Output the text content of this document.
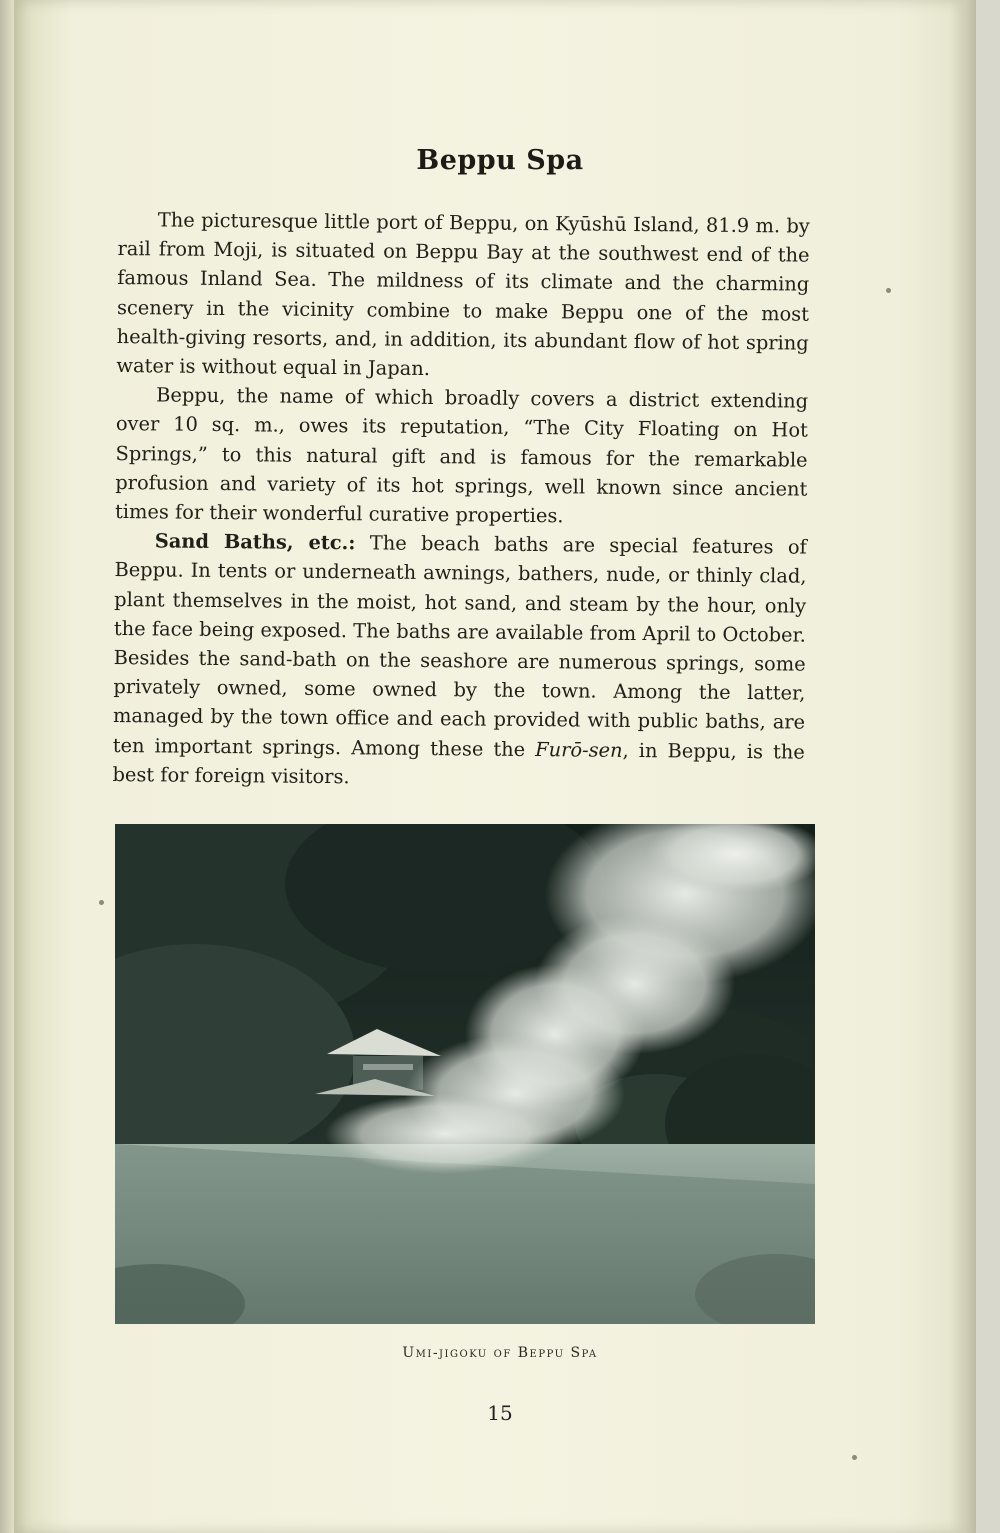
Beppu Spa

The picturesque little port of Beppu, on Kyūshū Island, 81.9 m. by rail from Moji, is situated on Beppu Bay at the southwest end of the famous Inland Sea. The mildness of its climate and the charming scenery in the vicinity combine to make Beppu one of the most health-giving resorts, and, in addition, its abundant flow of hot spring water is without equal in Japan.

Beppu, the name of which broadly covers a district extending over 10 sq. m., owes its reputation, “The City Floating on Hot Springs,” to this natural gift and is famous for the remarkable profusion and variety of its hot springs, well known since ancient times for their wonderful curative properties.

Sand Baths, etc.: The beach baths are special features of Beppu. In tents or underneath awnings, bathers, nude, or thinly clad, plant themselves in the moist, hot sand, and steam by the hour, only the face being exposed. The baths are available from April to October. Besides the sand-bath on the seashore are numerous springs, some privately owned, some owned by the town. Among the latter, managed by the town office and each provided with public baths, are ten important springs. Among these the Furō-sen, in Beppu, is the best for foreign visitors.

Umi-jigoku of Beppu Spa
15
